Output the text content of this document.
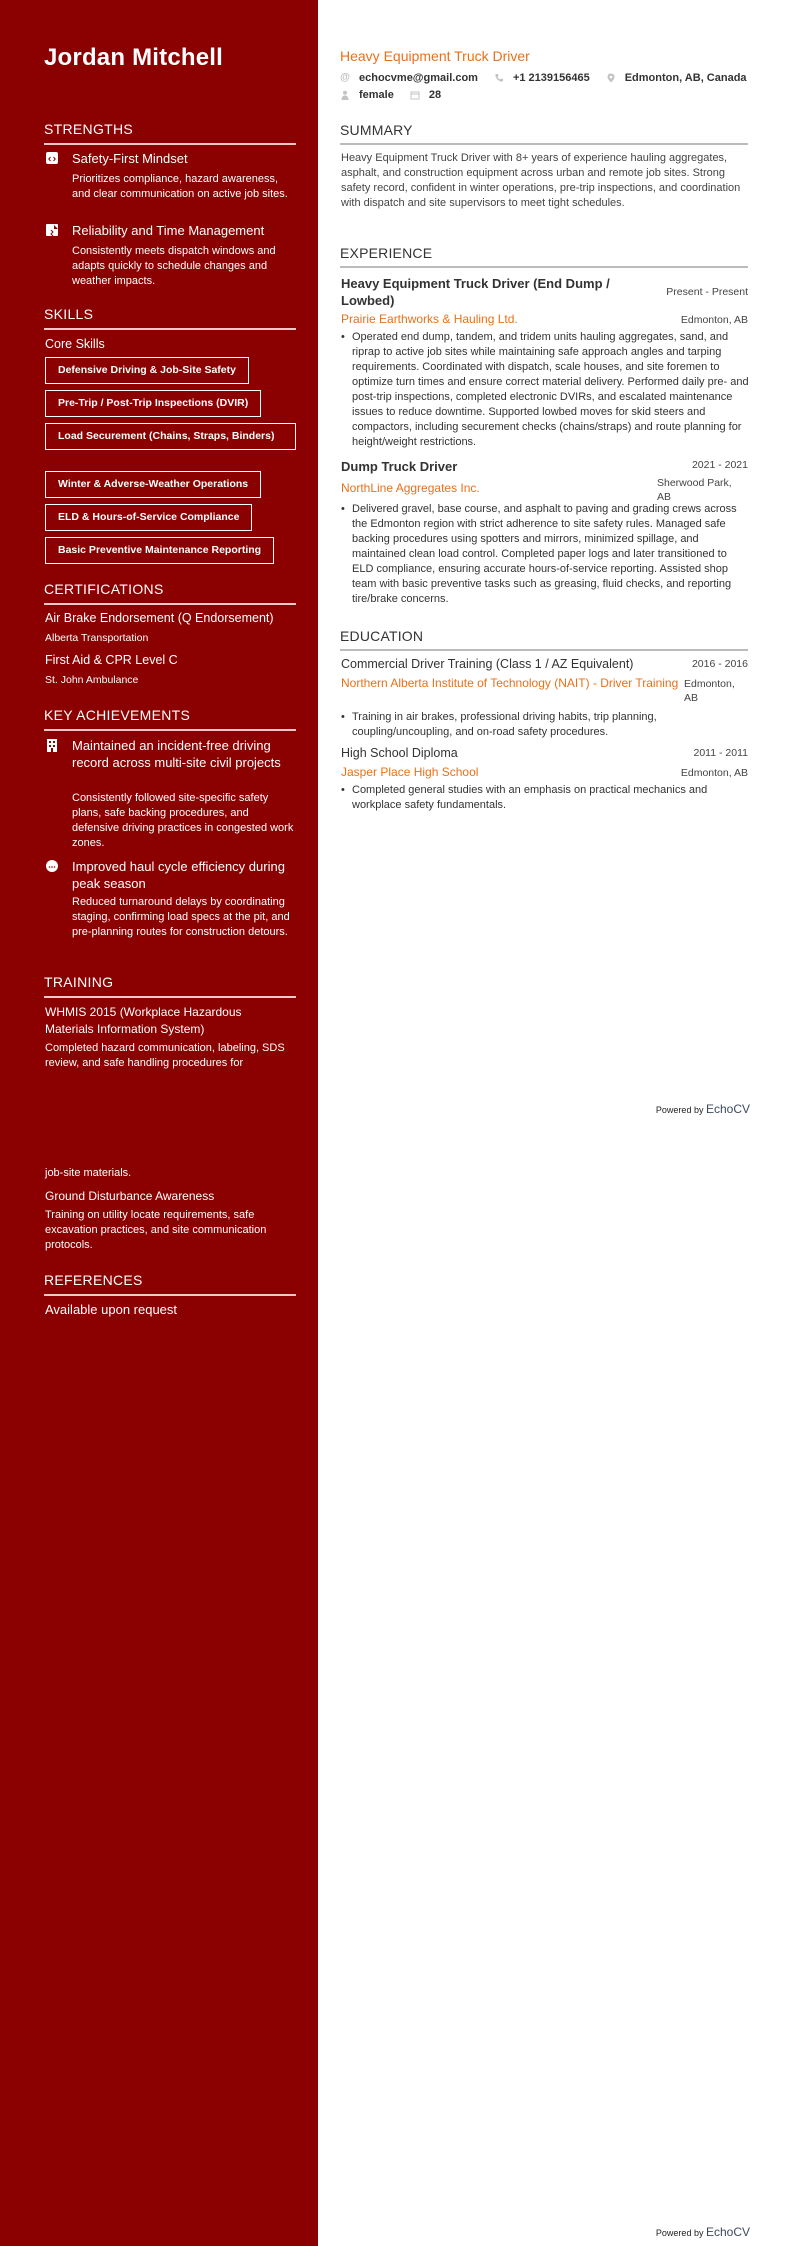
Jordan Mitchell
STRENGTHS
Safety-First Mindset
Prioritizes compliance, hazard awareness, and clear communication on active job sites.
Reliability and Time Management
Consistently meets dispatch windows and adapts quickly to schedule changes and weather impacts.
SKILLS
Core Skills
Defensive Driving & Job-Site Safety
Pre-Trip / Post-Trip Inspections (DVIR)
Load Securement (Chains, Straps, Binders)
Winter & Adverse-Weather Operations
ELD & Hours-of-Service Compliance
Basic Preventive Maintenance Reporting
CERTIFICATIONS
Air Brake Endorsement (Q Endorsement)
Alberta Transportation
First Aid & CPR Level C
St. John Ambulance
KEY ACHIEVEMENTS
Maintained an incident-free driving record across multi-site civil projects
Consistently followed site-specific safety plans, safe backing procedures, and defensive driving practices in congested work zones.
Improved haul cycle efficiency during peak season
Reduced turnaround delays by coordinating staging, confirming load specs at the pit, and pre-planning routes for construction detours.
TRAINING
WHMIS 2015 (Workplace Hazardous Materials Information System)
Completed hazard communication, labeling, SDS review, and safe handling procedures for
job-site materials.
Ground Disturbance Awareness
Training on utility locate requirements, safe excavation practices, and site communication protocols.
REFERENCES
Available upon request
Heavy Equipment Truck Driver
@ echocvme@gmail.com	+1 2139156465	Edmonton, AB, Canada
female	28
SUMMARY
Heavy Equipment Truck Driver with 8+ years of experience hauling aggregates, asphalt, and construction equipment across urban and remote job sites. Strong safety record, confident in winter operations, pre-trip inspections, and coordination with dispatch and site supervisors to meet tight schedules.
EXPERIENCE
Heavy Equipment Truck Driver (End Dump / Lowbed)
Present - Present
Prairie Earthworks & Hauling Ltd.	Edmonton, AB
• Operated end dump, tandem, and tridem units hauling aggregates, sand, and riprap to active job sites while maintaining safe approach angles and tarping requirements. Coordinated with dispatch, scale houses, and site foremen to optimize turn times and ensure correct material delivery. Performed daily pre- and post-trip inspections, completed electronic DVIRs, and escalated maintenance issues to reduce downtime. Supported lowbed moves for skid steers and compactors, including securement checks (chains/straps) and route planning for height/weight restrictions.
Dump Truck Driver	2021 - 2021
NorthLine Aggregates Inc.	Sherwood Park, AB
• Delivered gravel, base course, and asphalt to paving and grading crews across the Edmonton region with strict adherence to site safety rules. Managed safe backing procedures using spotters and mirrors, minimized spillage, and maintained clean load control. Completed paper logs and later transitioned to ELD compliance, ensuring accurate hours-of-service reporting. Assisted shop team with basic preventive tasks such as greasing, fluid checks, and reporting tire/brake concerns.
EDUCATION
Commercial Driver Training (Class 1 / AZ Equivalent)	2016 - 2016
Northern Alberta Institute of Technology (NAIT) - Driver Training Edmonton, AB
• Training in air brakes, professional driving habits, trip planning, coupling/uncoupling, and on-road safety procedures.
High School Diploma	2011 - 2011
Jasper Place High School	Edmonton, AB
• Completed general studies with an emphasis on practical mechanics and workplace safety fundamentals.
Powered by EchoCV
Powered by EchoCV
